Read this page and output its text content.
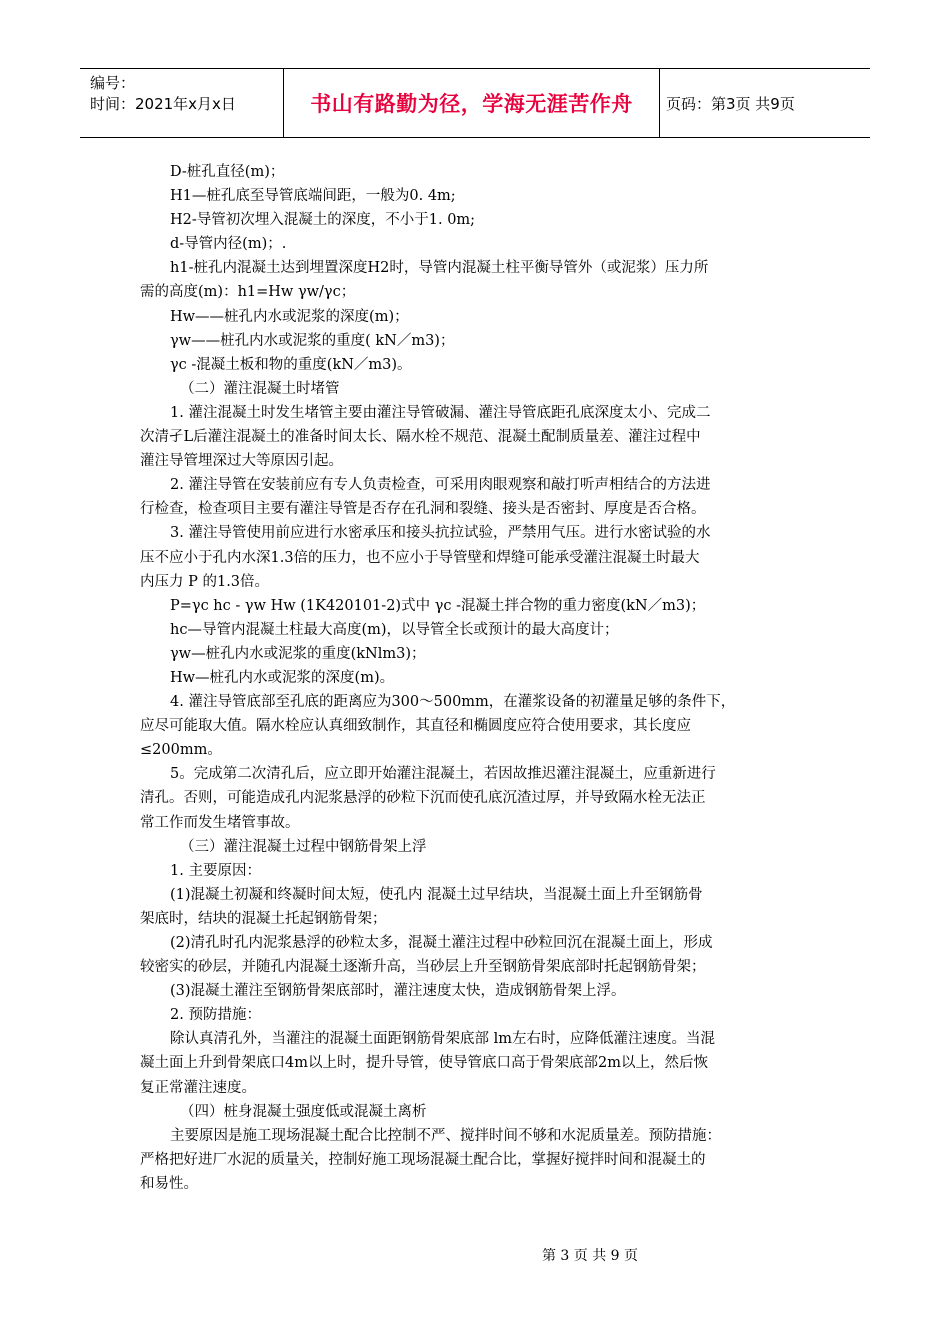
编号：
时间：2021年x月x日	书山有路勤为径，学海无涯苦作舟	页码：第3页 共9页

D-桩孔直径(m)；

H1—桩孔底至导管底端间距，一般为0. 4m;

H2-导管初次埋入混凝土的深度，不小于1. 0m;

d-导管内径(m)；.

h1-桩孔内混凝土达到埋置深度H2时，导管内混凝土柱平衡导管外（或泥浆）压力所

需的高度(m)：h1=Hw γw/γc；

Hw——桩孔内水或泥浆的深度(m)；

γw——桩孔内水或泥浆的重度( kN／m3)；

γc -混凝土板和物的重度(kN／m3)。

（二）灌注混凝土时堵管

1. 灌注混凝土时发生堵管主要由灌注导管破漏、灌注导管底距孔底深度太小、完成二

次清孑L后灌注混凝土的准备时间太长、隔水栓不规范、混凝土配制质量差、灌注过程中

灌注导管埋深过大等原因引起。

2. 灌注导管在安装前应有专人负责检查，可采用肉眼观察和敲打听声相结合的方法进

行检查，检查项目主要有灌注导管是否存在孔洞和裂缝、接头是否密封、厚度是否合格。

3. 灌注导管使用前应进行水密承压和接头抗拉试验，严禁用气压。进行水密试验的水

压不应小于孔内水深1.3倍的压力，也不应小于导管壁和焊缝可能承受灌注混凝土时最大

内压力 P 的1.3倍。

P=γc hc - γw Hw (1K420101-2)式中 γc -混凝土拌合物的重力密度(kN／m3)；

hc—导管内混凝土柱最大高度(m)，以导管全长或预计的最大高度计；

γw—桩孔内水或泥浆的重度(kNlm3)；

Hw—桩孔内水或泥浆的深度(m)。

4. 灌注导管底部至孔底的距离应为300～500mm，在灌浆设备的初灌量足够的条件下，

应尽可能取大值。隔水栓应认真细致制作，其直径和椭圆度应符合使用要求，其长度应

≤200mm。

5。完成第二次清孔后，应立即开始灌注混凝土，若因故推迟灌注混凝土，应重新进行

清孔。否则，可能造成孔内泥浆悬浮的砂粒下沉而使孔底沉渣过厚，并导致隔水栓无法正

常工作而发生堵管事故。

（三）灌注混凝土过程中钢筋骨架上浮

1. 主要原因：

(1)混凝土初凝和终凝时间太短，使孔内 混凝土过早结块，当混凝土面上升至钢筋骨

架底时，结块的混凝土托起钢筋骨架；

(2)清孔时孔内泥浆悬浮的砂粒太多，混凝土灌注过程中砂粒回沉在混凝土面上，形成

较密实的砂层，并随孔内混凝土逐渐升高，当砂层上升至钢筋骨架底部时托起钢筋骨架；

(3)混凝土灌注至钢筋骨架底部时，灌注速度太快，造成钢筋骨架上浮。

2. 预防措施：

除认真清孔外，当灌注的混凝土面距钢筋骨架底部 lm左右时，应降低灌注速度。当混

凝土面上升到骨架底口4m以上时，提升导管，使导管底口高于骨架底部2m以上，然后恢

复正常灌注速度。

（四）桩身混凝土强度低或混凝土离析

主要原因是施工现场混凝土配合比控制不严、搅拌时间不够和水泥质量差。预防措施：

严格把好进厂水泥的质量关，控制好施工现场混凝土配合比，掌握好搅拌时间和混凝土的

和易性。

第 3 页 共 9 页
